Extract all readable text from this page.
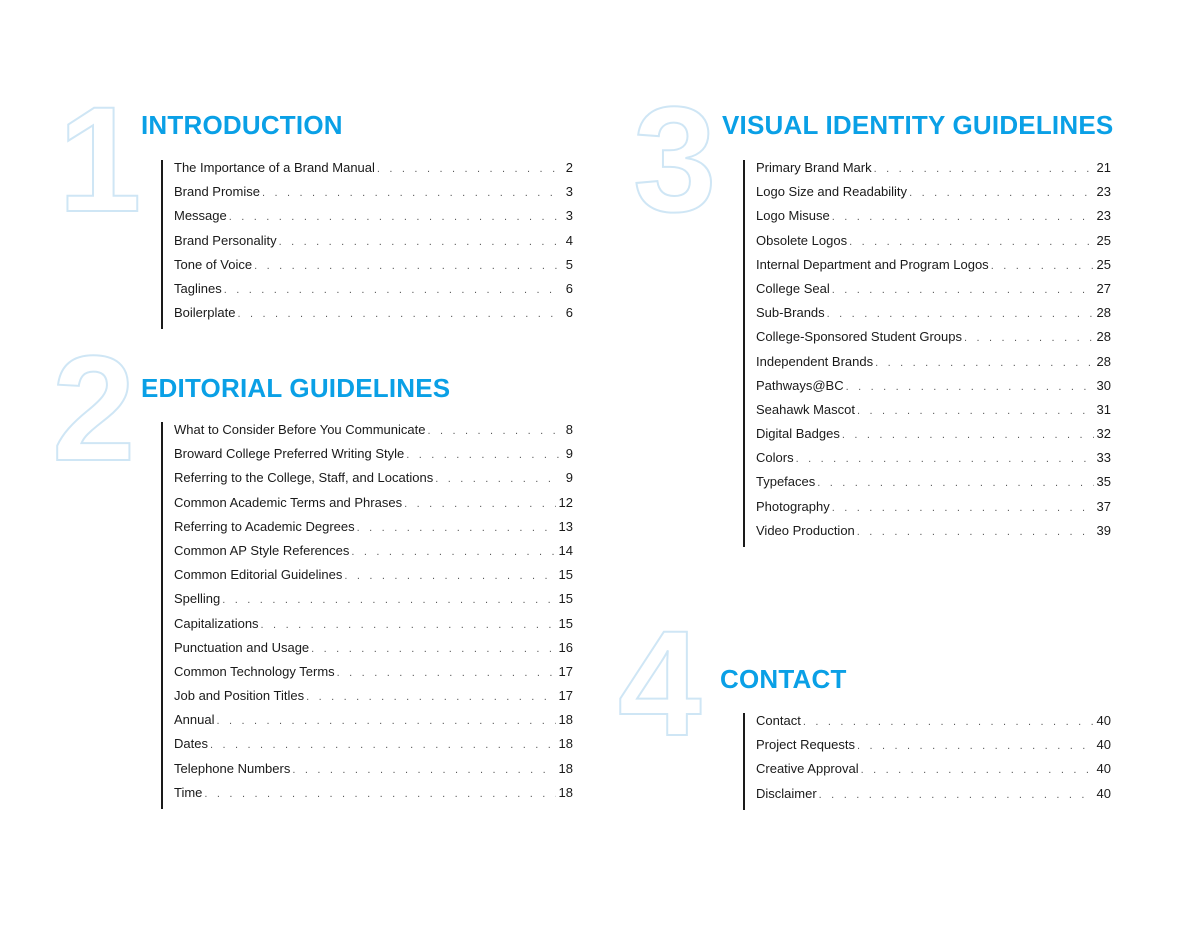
1 INTRODUCTION
The Importance of a Brand Manual . . .	2
Brand Promise . . .	3
Message . . .	3
Brand Personality . . .	4
Tone of Voice . . .	5
Taglines . . .	6
Boilerplate . . .	6
2 EDITORIAL GUIDELINES
What to Consider Before You Communicate . . .	8
Broward College Preferred Writing Style . . .	9
Referring to the College, Staff, and Locations . . .	9
Common Academic Terms and Phrases . . .	12
Referring to Academic Degrees . . .	13
Common AP Style References . . .	14
Common Editorial Guidelines . . .	15
Spelling . . .	15
Capitalizations . . .	15
Punctuation and Usage . . .	16
Common Technology Terms . . .	17
Job and Position Titles . . .	17
Annual . . .	18
Dates . . .	18
Telephone Numbers . . .	18
Time . . .	18
3 VISUAL IDENTITY GUIDELINES
Primary Brand Mark . . .	21
Logo Size and Readability . . .	23
Logo Misuse . . .	23
Obsolete Logos . . .	25
Internal Department and Program Logos . . .	25
College Seal . . .	27
Sub-Brands . . .	28
College-Sponsored Student Groups . . .	28
Independent Brands . . .	28
Pathways@BC . . .	30
Seahawk Mascot . . .	31
Digital Badges . . .	32
Colors . . .	33
Typefaces . . .	35
Photography . . .	37
Video Production . . .	39
4 CONTACT
Contact . . .	40
Project Requests . . .	40
Creative Approval . . .	40
Disclaimer . . .	40
